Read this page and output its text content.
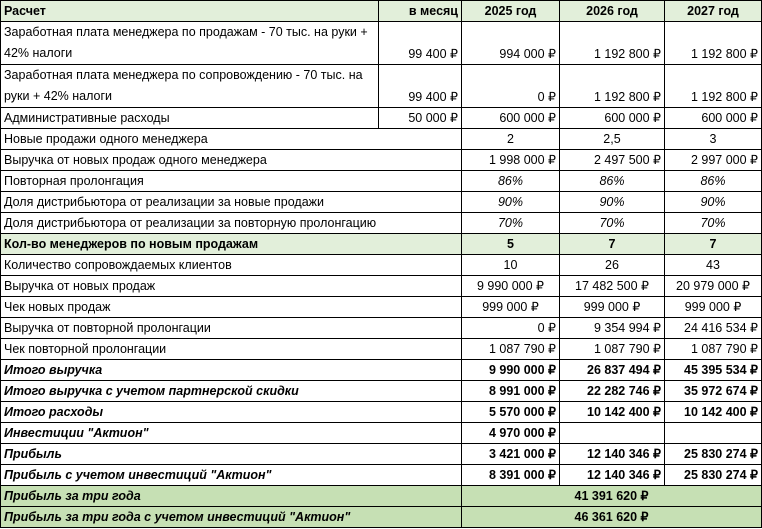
Расчет	в месяц	2025 год	2026 год	2027 год
Заработная плата менеджера по продажам - 70 тыс. на руки + 42% налоги	99 400 ₽	994 000 ₽	1 192 800 ₽	1 192 800 ₽
Заработная плата менеджера по сопровождению - 70 тыс. на руки + 42% налоги	99 400 ₽	0 ₽	1 192 800 ₽	1 192 800 ₽
Административные расходы	50 000 ₽	600 000 ₽	600 000 ₽	600 000 ₽
Новые продажи одного менеджера		2	2,5	3
Выручка от новых продаж одного менеджера		1 998 000 ₽	2 497 500 ₽	2 997 000 ₽
Повторная пролонгация		86%	86%	86%
Доля дистрибьютора от реализации за новые продажи		90%	90%	90%
Доля дистрибьютора от реализации за повторную пролонгацию		70%	70%	70%
Кол-во менеджеров по новым продажам		5	7	7
Количество сопровождаемых клиентов		10	26	43
Выручка от новых продаж		9 990 000 ₽	17 482 500 ₽	20 979 000 ₽
Чек новых продаж		999 000 ₽	999 000 ₽	999 000 ₽
Выручка от повторной пролонгации		0 ₽	9 354 994 ₽	24 416 534 ₽
Чек повторной пролонгации		1 087 790 ₽	1 087 790 ₽	1 087 790 ₽
Итого выручка		9 990 000 ₽	26 837 494 ₽	45 395 534 ₽
Итого выручка с учетом партнерской скидки		8 991 000 ₽	22 282 746 ₽	35 972 674 ₽
Итого расходы		5 570 000 ₽	10 142 400 ₽	10 142 400 ₽
Инвестиции "Актион"		4 970 000 ₽		
Прибыль		3 421 000 ₽	12 140 346 ₽	25 830 274 ₽
Прибыль с учетом инвестиций "Актион"		8 391 000 ₽	12 140 346 ₽	25 830 274 ₽
Прибыль за три года		41 391 620 ₽		
Прибыль за три года с учетом инвестиций "Актион"		46 361 620 ₽		
